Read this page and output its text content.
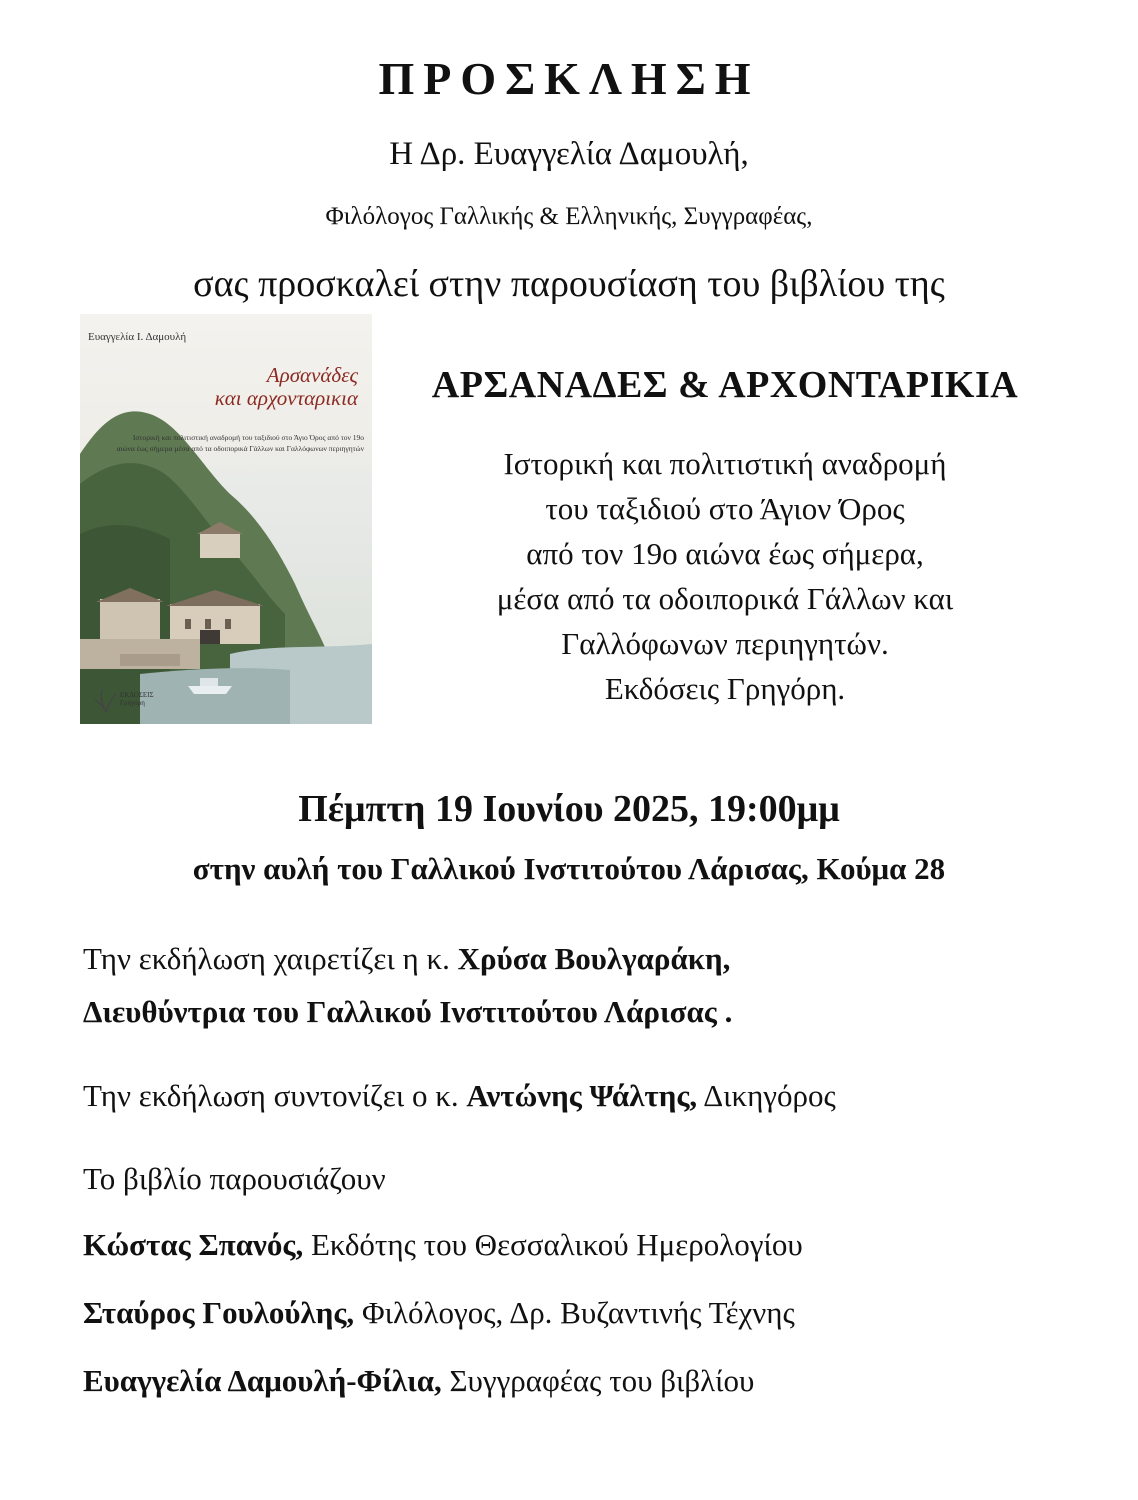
ΠΡΟΣΚΛΗΣΗ
Η Δρ. Ευαγγελία Δαμουλή,
Φιλόλογος Γαλλικής & Ελληνικής, Συγγραφέας,
σας προσκαλεί στην παρουσίαση του βιβλίου της
Ευαγγελία Ι. Δαμουλή
Αρσανάδες
και αρχονταρικια
Ιστορική και πολιτιστική αναδρομή του ταξιδιού στο Άγιο Όρος από τον 19ο αιώνα έως σήμερα μέσα από τα οδοιπορικά Γάλλων και Γαλλόφωνων περιηγητών
ΕΚΔΟΣΕΙΣ
Γρηγόρη
ΑΡΣΑΝΑΔΕΣ & ΑΡΧΟΝΤΑΡΙΚΙΑ
Ιστορική και πολιτιστική αναδρομή
του ταξιδιού στο Άγιον Όρος
από τον 19ο αιώνα έως σήμερα,
μέσα από τα οδοιπορικά Γάλλων και
Γαλλόφωνων περιηγητών.
Εκδόσεις Γρηγόρη.
Πέμπτη 19 Ιουνίου 2025, 19:00μμ
στην αυλή του Γαλλικού Ινστιτούτου Λάρισας, Κούμα 28
Την εκδήλωση χαιρετίζει η κ. Χρύσα Βουλγαράκη,
Διευθύντρια του Γαλλικού Ινστιτούτου Λάρισας .
Την εκδήλωση συντονίζει ο κ. Αντώνης Ψάλτης, Δικηγόρος
Το βιβλίο παρουσιάζουν
Κώστας Σπανός, Εκδότης του Θεσσαλικού Ημερολογίου
Σταύρος Γουλούλης, Φιλόλογος, Δρ. Βυζαντινής Τέχνης
Ευαγγελία Δαμουλή-Φίλια, Συγγραφέας του βιβλίου
